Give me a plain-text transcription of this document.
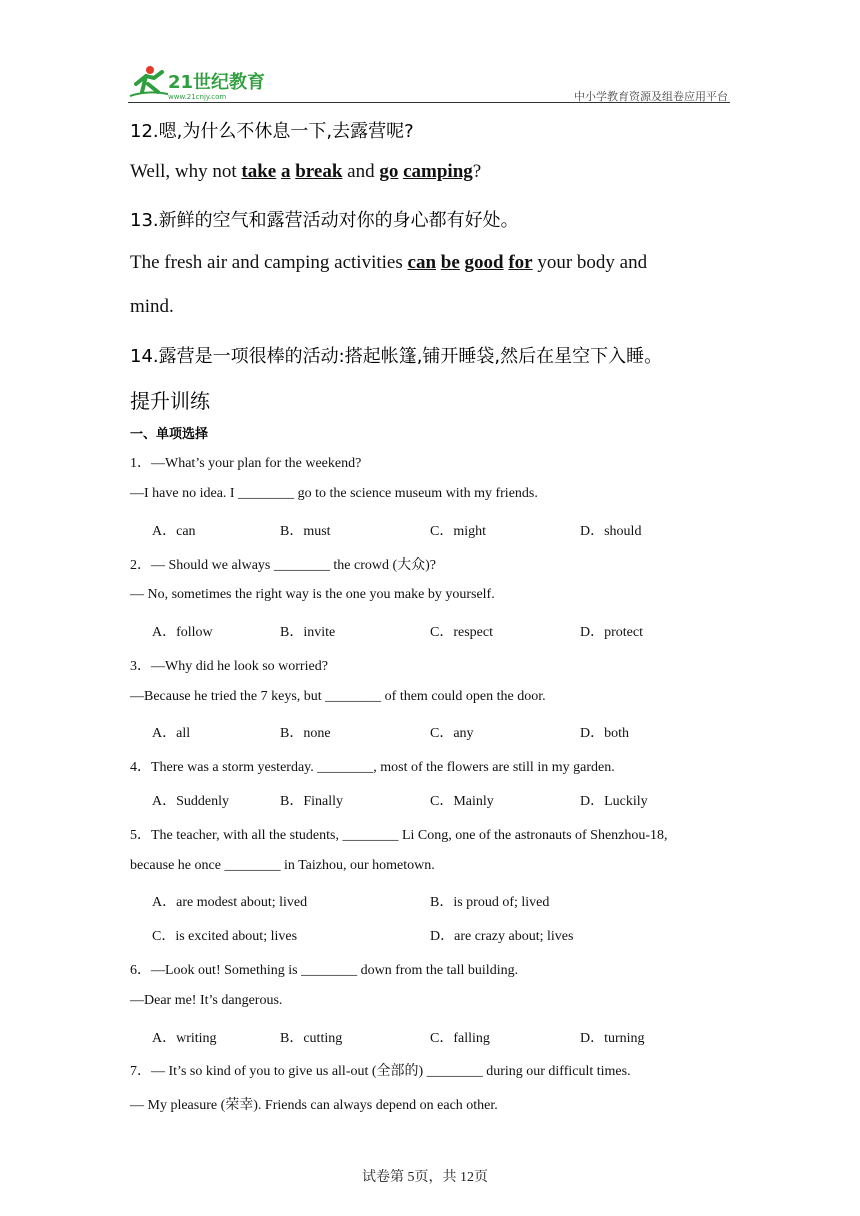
21世纪教育
www.21cnjy.com	中小学教育资源及组卷应用平台
12.嗯,为什么不休息一下,去露营呢?
Well, why not take a break and go camping?
13.新鲜的空气和露营活动对你的身心都有好处。
The fresh air and camping activities can be good for your body and
mind.
14.露营是一项很棒的活动:搭起帐篷,铺开睡袋,然后在星空下入睡。
提升训练
一、单项选择
1．—What’s your plan for the weekend?
—I have no idea. I ________ go to the science museum with my friends.
A．can	B．must	C．might	D．should
2．— Should we always ________ the crowd (大众)?
— No, sometimes the right way is the one you make by yourself.
A．follow	B．invite	C．respect	D．protect
3．—Why did he look so worried?
—Because he tried the 7 keys, but ________ of them could open the door.
A．all	B．none	C．any	D．both
4．There was a storm yesterday. ________, most of the flowers are still in my garden.
A．Suddenly	B．Finally	C．Mainly	D．Luckily
5．The teacher, with all the students, ________ Li Cong, one of the astronauts of Shenzhou-18,
because he once ________ in Taizhou, our hometown.
A．are modest about; lived	B．is proud of; lived
C．is excited about; lives	D．are crazy about; lives
6．—Look out! Something is ________ down from the tall building.
—Dear me! It’s dangerous.
A．writing	B．cutting	C．falling	D．turning
7．— It’s so kind of you to give us all-out (全部的) ________ during our difficult times.
— My pleasure (荣幸). Friends can always depend on each other.
试卷第 5页，共 12页
